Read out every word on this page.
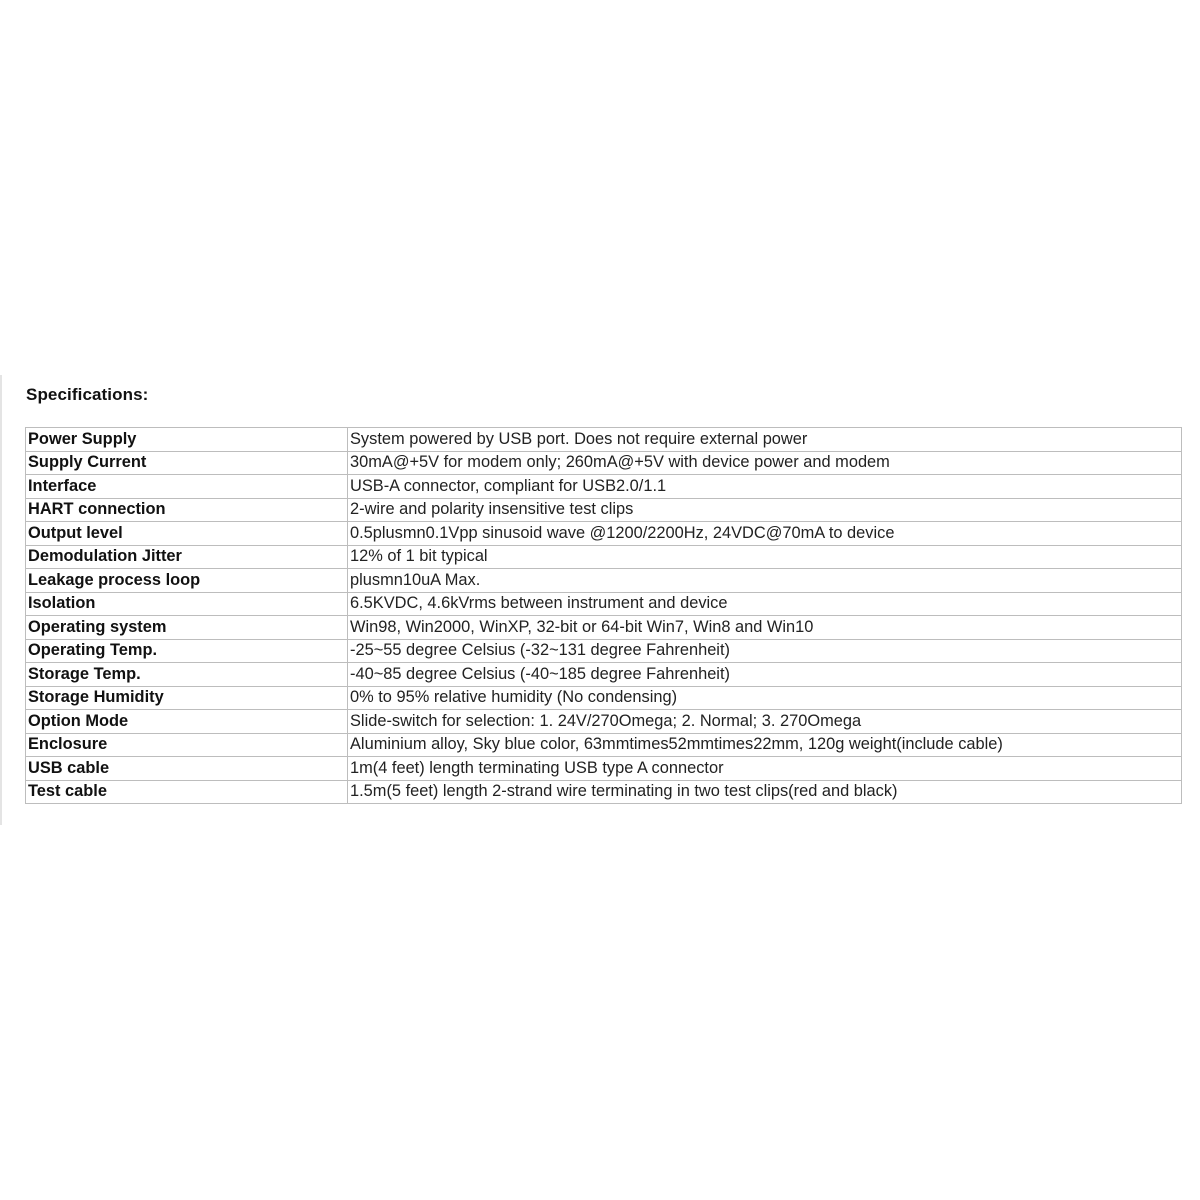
Specifications:
Power Supply	System powered by USB port. Does not require external power
Supply Current	30mA@+5V for modem only; 260mA@+5V with device power and modem
Interface	USB-A connector, compliant for USB2.0/1.1
HART connection	2-wire and polarity insensitive test clips
Output level	0.5plusmn0.1Vpp sinusoid wave @1200/2200Hz, 24VDC@70mA to device
Demodulation Jitter	12% of 1 bit typical
Leakage process loop	plusmn10uA Max.
Isolation	6.5KVDC, 4.6kVrms between instrument and device
Operating system	Win98, Win2000, WinXP, 32-bit or 64-bit Win7, Win8 and Win10
Operating Temp.	-25~55 degree Celsius (-32~131 degree Fahrenheit)
Storage Temp.	-40~85 degree Celsius (-40~185 degree Fahrenheit)
Storage Humidity	0% to 95% relative humidity (No condensing)
Option Mode	Slide-switch for selection: 1. 24V/270Omega; 2. Normal; 3. 270Omega
Enclosure	Aluminium alloy, Sky blue color, 63mmtimes52mmtimes22mm, 120g weight(include cable)
USB cable	1m(4 feet) length terminating USB type A connector
Test cable	1.5m(5 feet) length 2-strand wire terminating in two test clips(red and black)
